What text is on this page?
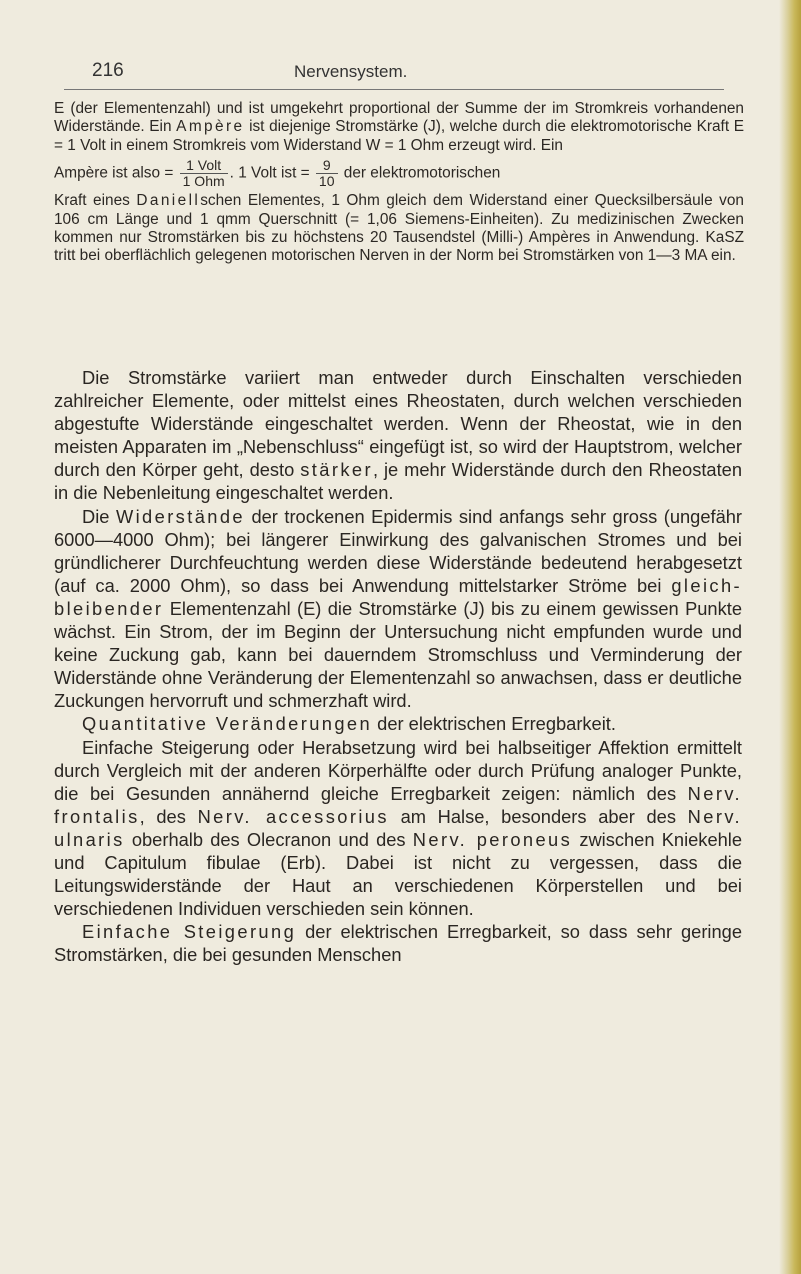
216	Nervensystem.

E (der Elementenzahl) und ist umgekehrt proportional der Summe der im Stromkreis vorhandenen Widerstände. Ein Ampère ist diejenige Stromstärke (J), welche durch die elektromotorische Kraft E = 1 Volt in einem Stromkreis vom Widerstand W = 1 Ohm erzeugt wird. Ein

Ampère ist also = $\frac{\text{1 Volt}}{\text{1 Ohm}}$ . 1 Volt ist = $\frac{9}{10}$ der elektromotorischen

Kraft eines Daniellschen Elementes, 1 Ohm gleich dem Widerstand einer Quecksilbersäule von 106 cm Länge und 1 qmm Querschnitt (= 1,06 Siemens-Einheiten). Zu medizinischen Zwecken kommen nur Stromstärken bis zu höchstens 20 Tausendstel (Milli-) Ampères in Anwendung. KaSZ tritt bei oberflächlich gelegenen motorischen Nerven in der Norm bei Stromstärken von 1—3 MA ein.

Die Stromstärke variiert man entweder durch Einschalten verschieden zahlreicher Elemente, oder mittelst eines Rheostaten, durch welchen verschieden abgestufte Widerstände eingeschaltet werden. Wenn der Rheostat, wie in den meisten Apparaten im „Nebenschluss“ eingefügt ist, so wird der Hauptstrom, welcher durch den Körper geht, desto stärker, je mehr Widerstände durch den Rheostaten in die Nebenleitung eingeschaltet werden.

Die Widerstände der trockenen Epidermis sind anfangs sehr gross (ungefähr 6000—4000 Ohm); bei längerer Einwirkung des galvanischen Stromes und bei gründlicherer Durchfeuchtung werden diese Widerstände bedeutend herabgesetzt (auf ca. 2000 Ohm), so dass bei Anwendung mittelstarker Ströme bei gleich-bleibender Elementenzahl (E) die Stromstärke (J) bis zu einem gewissen Punkte wächst. Ein Strom, der im Beginn der Untersuchung nicht empfunden wurde und keine Zuckung gab, kann bei dauerndem Stromschluss und Verminderung der Widerstände ohne Veränderung der Elementenzahl so anwachsen, dass er deutliche Zuckungen hervorruft und schmerzhaft wird.

Quantitative Veränderungen der elektrischen Erregbarkeit.

Einfache Steigerung oder Herabsetzung wird bei halbseitiger Affektion ermittelt durch Vergleich mit der anderen Körperhälfte oder durch Prüfung analoger Punkte, die bei Gesunden annähernd gleiche Erregbarkeit zeigen: nämlich des Nerv. frontalis, des Nerv. accessorius am Halse, besonders aber des Nerv. ulnaris oberhalb des Olecranon und des Nerv. peroneus zwischen Kniekehle und Capitulum fibulae (Erb). Dabei ist nicht zu vergessen, dass die Leitungswiderstände der Haut an verschiedenen Körperstellen und bei verschiedenen Individuen verschieden sein können.

Einfache Steigerung der elektrischen Erregbarkeit, so dass sehr geringe Stromstärken, die bei gesunden Menschen
